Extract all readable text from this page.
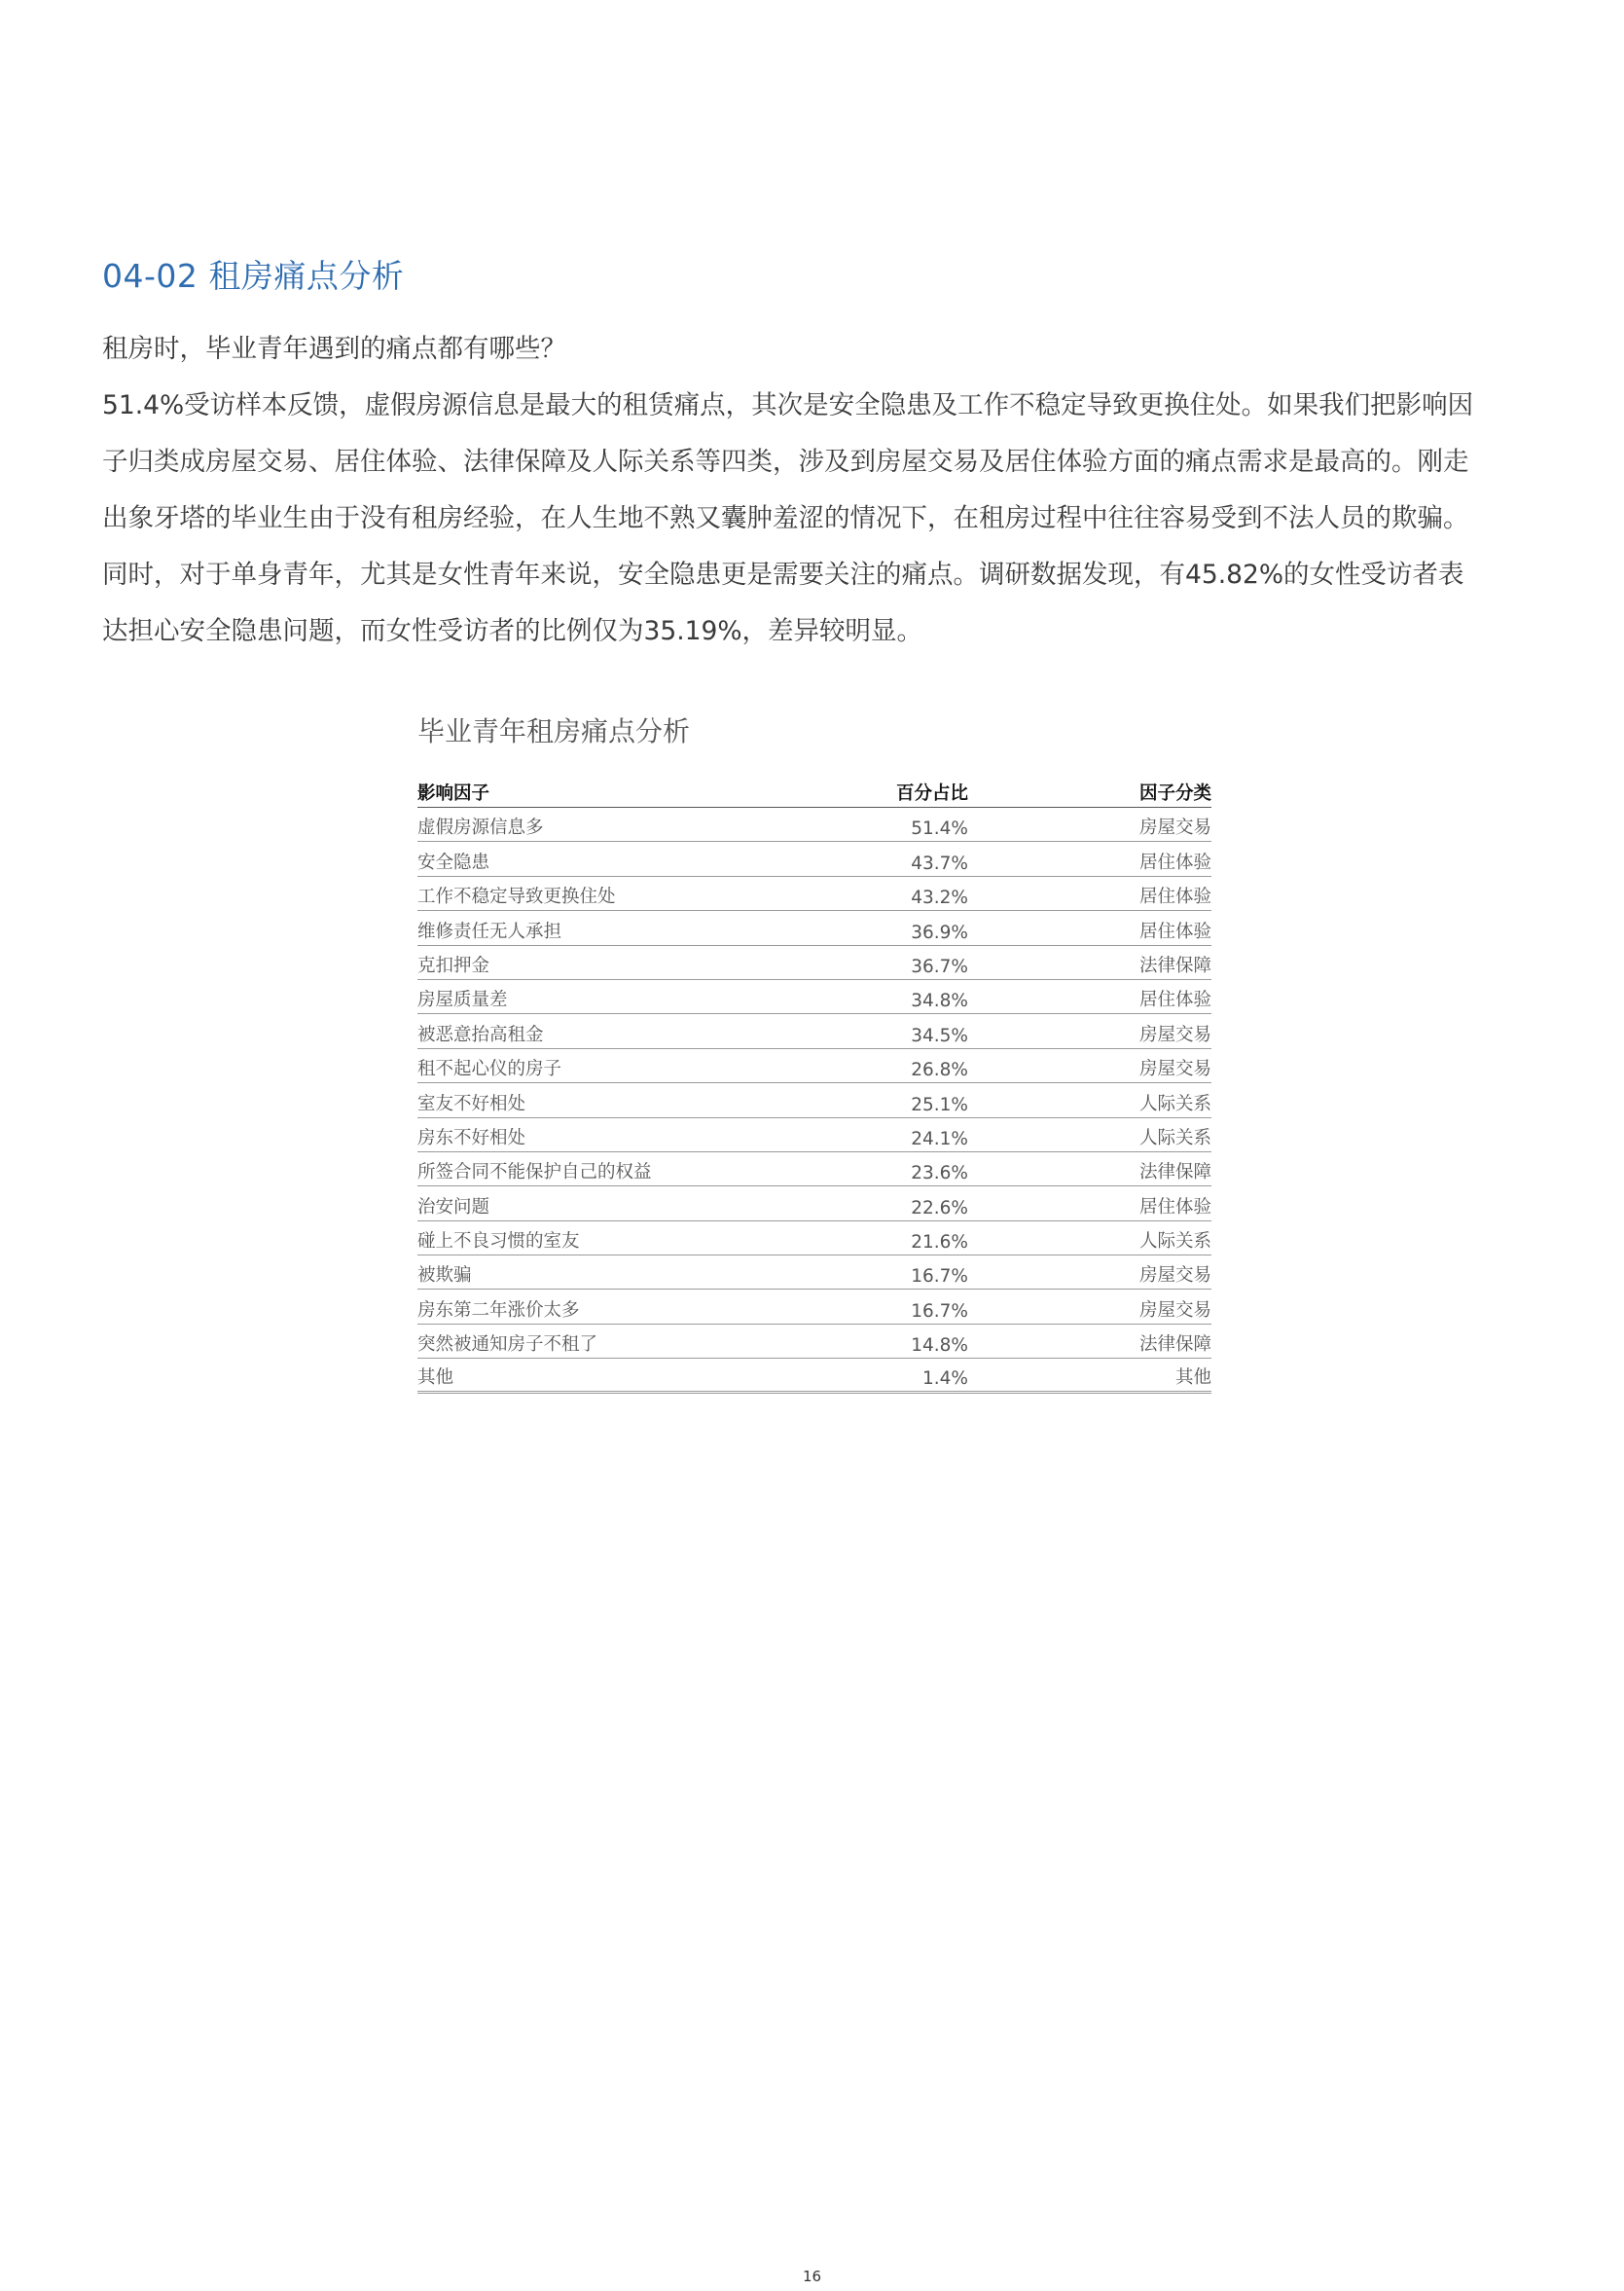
04-02 租房痛点分析
租房时，毕业青年遇到的痛点都有哪些？
51.4%受访样本反馈，虚假房源信息是最大的租赁痛点，其次是安全隐患及工作不稳定导致更换住处。如果我们把影响因
子归类成房屋交易、居住体验、法律保障及人际关系等四类，涉及到房屋交易及居住体验方面的痛点需求是最高的。刚走
出象牙塔的毕业生由于没有租房经验，在人生地不熟又囊肿羞涩的情况下，在租房过程中往往容易受到不法人员的欺骗。
同时，对于单身青年，尤其是女性青年来说，安全隐患更是需要关注的痛点。调研数据发现，有45.82%的女性受访者表
达担心安全隐患问题，而女性受访者的比例仅为35.19%，差异较明显。
毕业青年租房痛点分析
影响因子	百分占比	因子分类
虚假房源信息多	51.4%	房屋交易
安全隐患	43.7%	居住体验
工作不稳定导致更换住处	43.2%	居住体验
维修责任无人承担	36.9%	居住体验
克扣押金	36.7%	法律保障
房屋质量差	34.8%	居住体验
被恶意抬高租金	34.5%	房屋交易
租不起心仪的房子	26.8%	房屋交易
室友不好相处	25.1%	人际关系
房东不好相处	24.1%	人际关系
所签合同不能保护自己的权益	23.6%	法律保障
治安问题	22.6%	居住体验
碰上不良习惯的室友	21.6%	人际关系
被欺骗	16.7%	房屋交易
房东第二年涨价太多	16.7%	房屋交易
突然被通知房子不租了	14.8%	法律保障
其他	1.4%	其他
16
